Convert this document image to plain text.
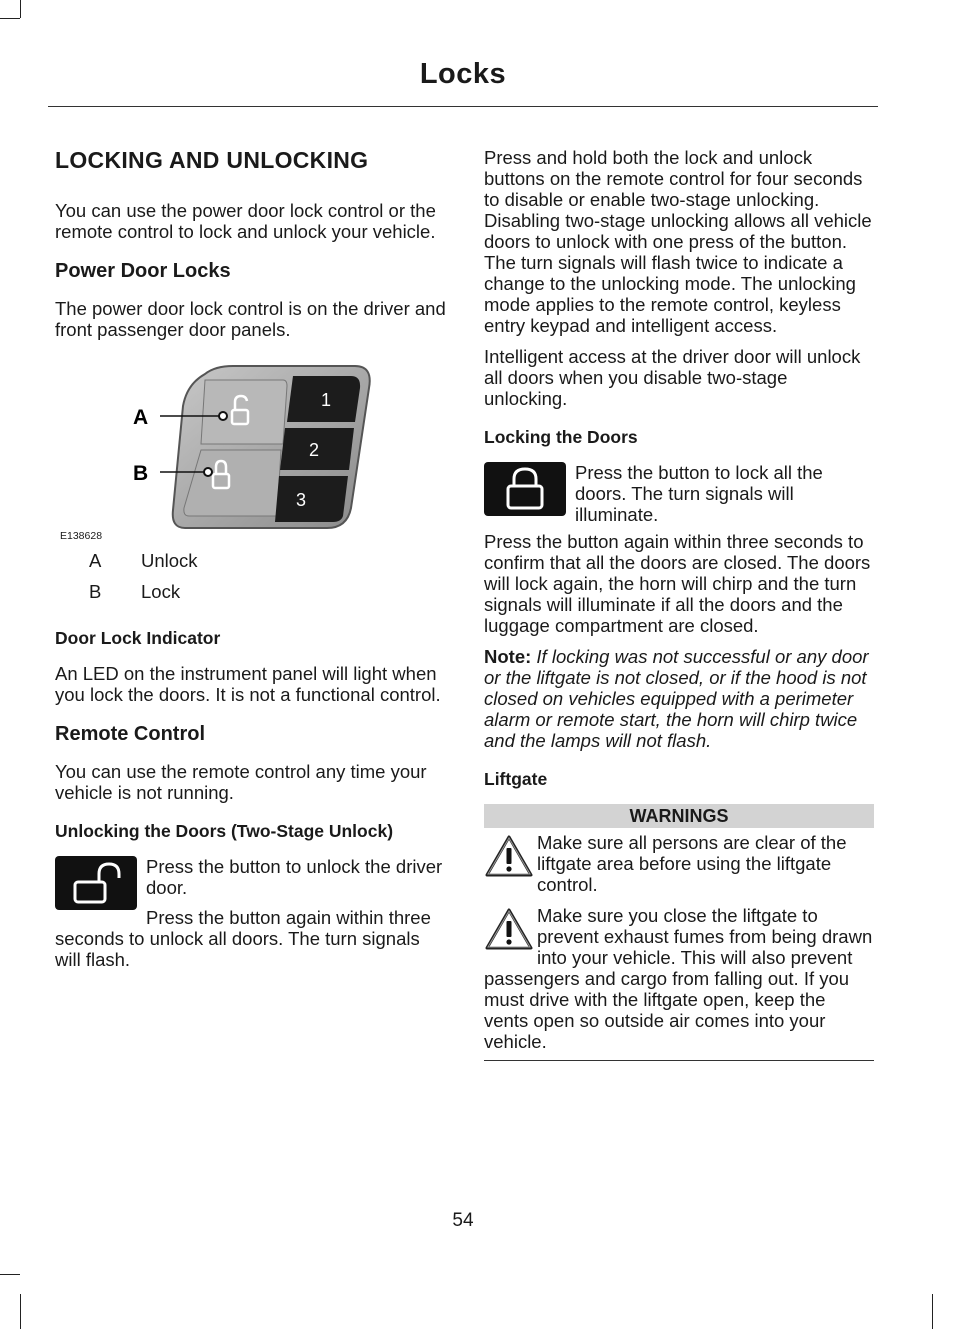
Locks
LOCKING AND UNLOCKING

You can use the power door lock control or the remote control to lock and unlock your vehicle.

Power Door Locks

The power door lock control is on the driver and front passenger door panels.

A
B
1
2
3
E138628
A	Unlock
B	Lock
Door Lock Indicator

An LED on the instrument panel will light when you lock the doors. It is not a functional control.

Remote Control

You can use the remote control any time your vehicle is not running.

Unlocking the Doors (Two-Stage Unlock)

Press the button to unlock the driver door.

Press the button again within three seconds to unlock all doors. The turn signals will flash.

Press and hold both the lock and unlock buttons on the remote control for four seconds to disable or enable two-stage unlocking. Disabling two-stage unlocking allows all vehicle doors to unlock with one press of the button. The turn signals will flash twice to indicate a change to the unlocking mode. The unlocking mode applies to the remote control, keyless entry keypad and intelligent access.

Intelligent access at the driver door will unlock all doors when you disable two-stage unlocking.

Locking the Doors

Press the button to lock all the doors. The turn signals will illuminate.

Press the button again within three seconds to confirm that all the doors are closed. The doors will lock again, the horn will chirp and the turn signals will illuminate if all the doors and the luggage compartment are closed.

Note: If locking was not successful or any door or the liftgate is not closed, or if the hood is not closed on vehicles equipped with a perimeter alarm or remote start, the horn will chirp twice and the lamps will not flash.

Liftgate
WARNINGS

Make sure all persons are clear of the liftgate area before using the liftgate control.

Make sure you close the liftgate to prevent exhaust fumes from being drawn into your vehicle. This will also prevent passengers and cargo from falling out. If you must drive with the liftgate open, keep the vents open so outside air comes into your vehicle.

54
